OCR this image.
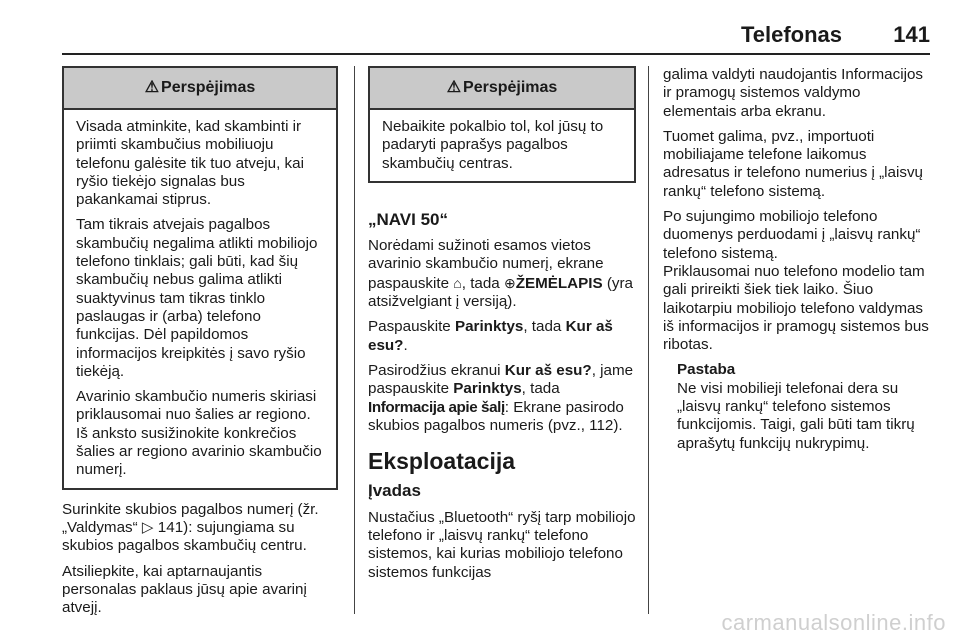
Telefonas 141
⚠ Perspėjimas

Visada atminkite, kad skambinti ir priimti skambučius mobiliuoju telefonu galėsite tik tuo atveju, kai ryšio tiekėjo signalas bus pakankamai stiprus.

Tam tikrais atvejais pagalbos skambučių negalima atlikti mobiliojo telefono tinklais; gali būti, kad šių skambučių nebus galima atlikti suaktyvinus tam tikras tinklo paslaugas ir (arba) telefono funkcijas. Dėl papildomos informacijos kreipkitės į savo ryšio tiekėją.

Avarinio skambučio numeris skiriasi priklausomai nuo šalies ar regiono. Iš anksto susižinokite konkrečios šalies ar regiono avarinio skambučio numerį.

Surinkite skubios pagalbos numerį (žr. „Valdymas“ ▷ 141): sujungiama su skubios pagalbos skambučių centru.

Atsiliepkite, kai aptarnaujantis personalas paklaus jūsų apie avarinį atvejį.

⚠ Perspėjimas

Nebaikite pokalbio tol, kol jūsų to padaryti paprašys pagalbos skambučių centras.

„NAVI 50“

Norėdami sužinoti esamos vietos avarinio skambučio numerį, ekrane paspauskite ⌂, tada ⊕ŽEMĖLAPIS (yra atsižvelgiant į versiją).

Paspauskite Parinktys, tada Kur aš esu?.

Pasirodžius ekranui Kur aš esu?, jame paspauskite Parinktys, tada Informacija apie šalį: Ekrane pasirodo skubios pagalbos numeris (pvz., 112).

Eksploatacija
Įvadas

Nustačius „Bluetooth“ ryšį tarp mobiliojo telefono ir „laisvų rankų“ telefono sistemos, kai kurias mobiliojo telefono sistemos funkcijas

galima valdyti naudojantis Informacijos ir pramogų sistemos valdymo elementais arba ekranu.

Tuomet galima, pvz., importuoti mobiliajame telefone laikomus adresatus ir telefono numerius į „laisvų rankų“ telefono sistemą.

Po sujungimo mobiliojo telefono duomenys perduodami į „laisvų rankų“ telefono sistemą.

Priklausomai nuo telefono modelio tam gali prireikti šiek tiek laiko. Šiuo laikotarpiu mobiliojo telefono valdymas iš informacijos ir pramogų sistemos bus ribotas.

Pastaba
Ne visi mobilieji telefonai dera su „laisvų rankų“ telefono sistemos funkcijomis. Taigi, gali būti tam tikrų aprašytų funkcijų nukrypimų.
carmanualsonline.info
